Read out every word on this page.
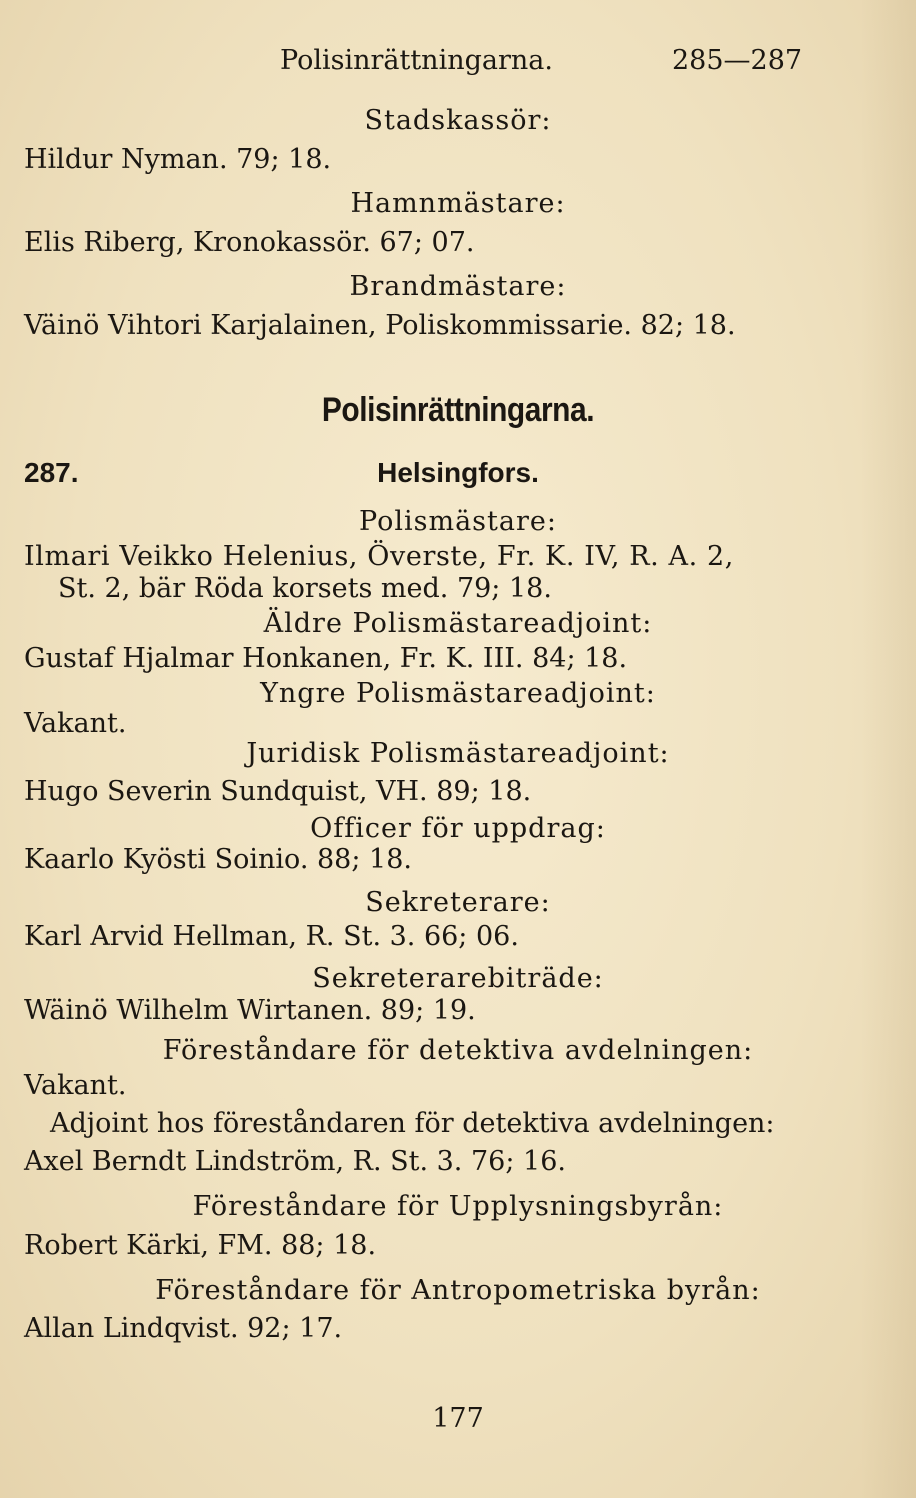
Polisinrättningarna.	285—287
Stadskassör:
Hildur Nyman. 79; 18.
Hamnmästare:
Elis Riberg, Kronokassör. 67; 07.
Brandmästare:
Väinö Vihtori Karjalainen, Poliskommissarie. 82; 18.
Polisinrättningarna.
287.	Helsingfors.
Polismästare:
Ilmari Veikko Helenius, Överste, Fr. K. IV, R. A. 2,
St. 2, bär Röda korsets med. 79; 18.
Äldre Polismästareadjoint:
Gustaf Hjalmar Honkanen, Fr. K. III. 84; 18.
Yngre Polismästareadjoint:
Vakant.
Juridisk Polismästareadjoint:
Hugo Severin Sundquist, VH. 89; 18.
Officer för uppdrag:
Kaarlo Kyösti Soinio. 88; 18.
Sekreterare:
Karl Arvid Hellman, R. St. 3. 66; 06.
Sekreterarebiträde:
Wäinö Wilhelm Wirtanen. 89; 19.
Föreståndare för detektiva avdelningen:
Vakant.
Adjoint hos föreståndaren för detektiva avdelningen:
Axel Berndt Lindström, R. St. 3. 76; 16.
Föreståndare för Upplysningsbyrån:
Robert Kärki, FM. 88; 18.
Föreståndare för Antropometriska byrån:
Allan Lindqvist. 92; 17.
177
